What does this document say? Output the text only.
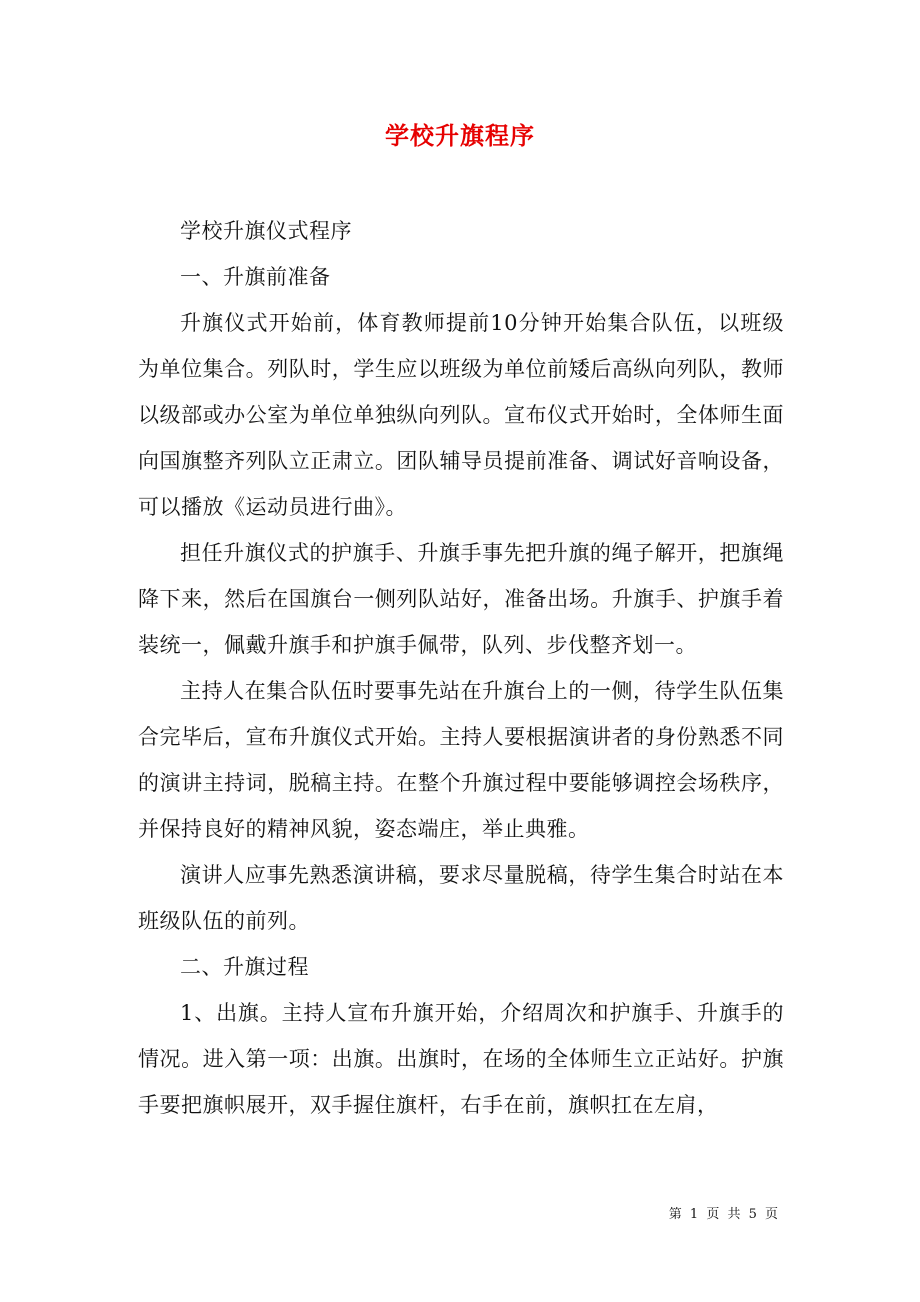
学校升旗程序

学校升旗仪式程序

一、升旗前准备

升旗仪式开始前，体育教师提前10分钟开始集合队伍，以班级为单位集合。列队时，学生应以班级为单位前矮后高纵向列队，教师以级部或办公室为单位单独纵向列队。宣布仪式开始时，全体师生面向国旗整齐列队立正肃立。团队辅导员提前准备、调试好音响设备，可以播放《运动员进行曲》。

担任升旗仪式的护旗手、升旗手事先把升旗的绳子解开，把旗绳降下来，然后在国旗台一侧列队站好，准备出场。升旗手、护旗手着装统一，佩戴升旗手和护旗手佩带，队列、步伐整齐划一。

主持人在集合队伍时要事先站在升旗台上的一侧，待学生队伍集合完毕后，宣布升旗仪式开始。主持人要根据演讲者的身份熟悉不同的演讲主持词，脱稿主持。在整个升旗过程中要能够调控会场秩序，并保持良好的精神风貌，姿态端庄，举止典雅。

演讲人应事先熟悉演讲稿，要求尽量脱稿，待学生集合时站在本班级队伍的前列。

二、升旗过程

1、出旗。主持人宣布升旗开始，介绍周次和护旗手、升旗手的情况。进入第一项：出旗。出旗时，在场的全体师生立正站好。护旗手要把旗帜展开，双手握住旗杆，右手在前，旗帜扛在左肩，

第 1 页 共 5 页
